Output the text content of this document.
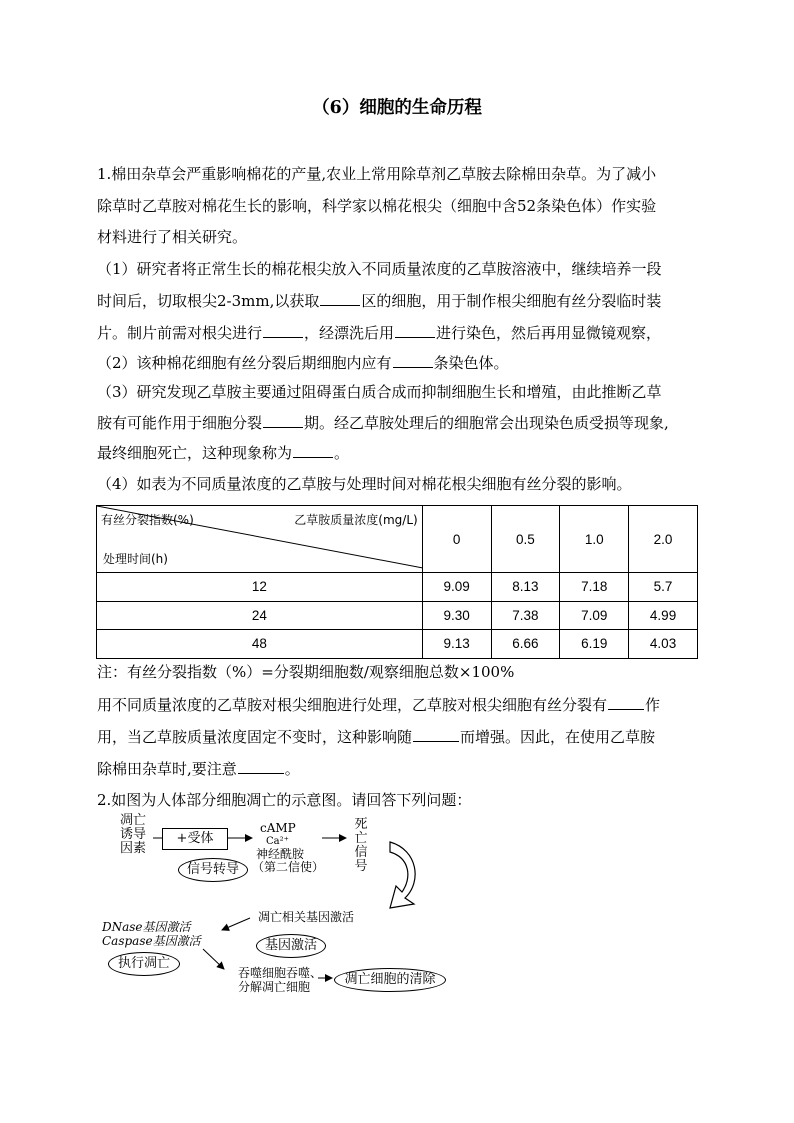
（6）细胞的生命历程
1.棉田杂草会严重影响棉花的产量,农业上常用除草剂乙草胺去除棉田杂草。为了减小
除草时乙草胺对棉花生长的影响，科学家以棉花根尖（细胞中含52条染色体）作实验
材料进行了相关研究。
（1）研究者将正常生长的棉花根尖放入不同质量浓度的乙草胺溶液中，继续培养一段
时间后，切取根尖2-3mm,以获取	区的细胞，用于制作根尖细胞有丝分裂临时装
片。制片前需对根尖进行	，经漂洗后用	进行染色，然后再用显微镜观察，
（2）该种棉花细胞有丝分裂后期细胞内应有	条染色体。
（3）研究发现乙草胺主要通过阻碍蛋白质合成而抑制细胞生长和增殖，由此推断乙草
胺有可能作用于细胞分裂	期。经乙草胺处理后的细胞常会出现染色质受损等现象,
最终细胞死亡，这种现象称为	。
（4）如表为不同质量浓度的乙草胺与处理时间对棉花根尖细胞有丝分裂的影响。
有丝分裂指数(%) 乙草胺质量浓度(mg/L)
处理时间(h)	0	0.5	1.0	2.0
12	9.09	8.13	7.18	5.7
24	9.30	7.38	7.09	4.99
48	9.13	6.66	6.19	4.03
注：有丝分裂指数（%）=分裂期细胞数/观察细胞总数×100%
用不同质量浓度的乙草胺对根尖细胞进行处理，乙草胺对根尖细胞有丝分裂有	作
用，当乙草胺质量浓度固定不变时，这种影响随	而增强。因此，在使用乙草胺
除棉田杂草时,要注意	。
2.如图为人体部分细胞凋亡的示意图。请回答下列问题：
凋亡
诱导
因素
+受体
信号转导
cAMP
Ca²⁺
神经酰胺
（第二信使）
死
亡
信
号
凋亡相关基因激活
基因激活
DNase基因激活
Caspase基因激活
执行凋亡
吞噬细胞吞噬、
分解凋亡细胞	凋亡细胞的清除
